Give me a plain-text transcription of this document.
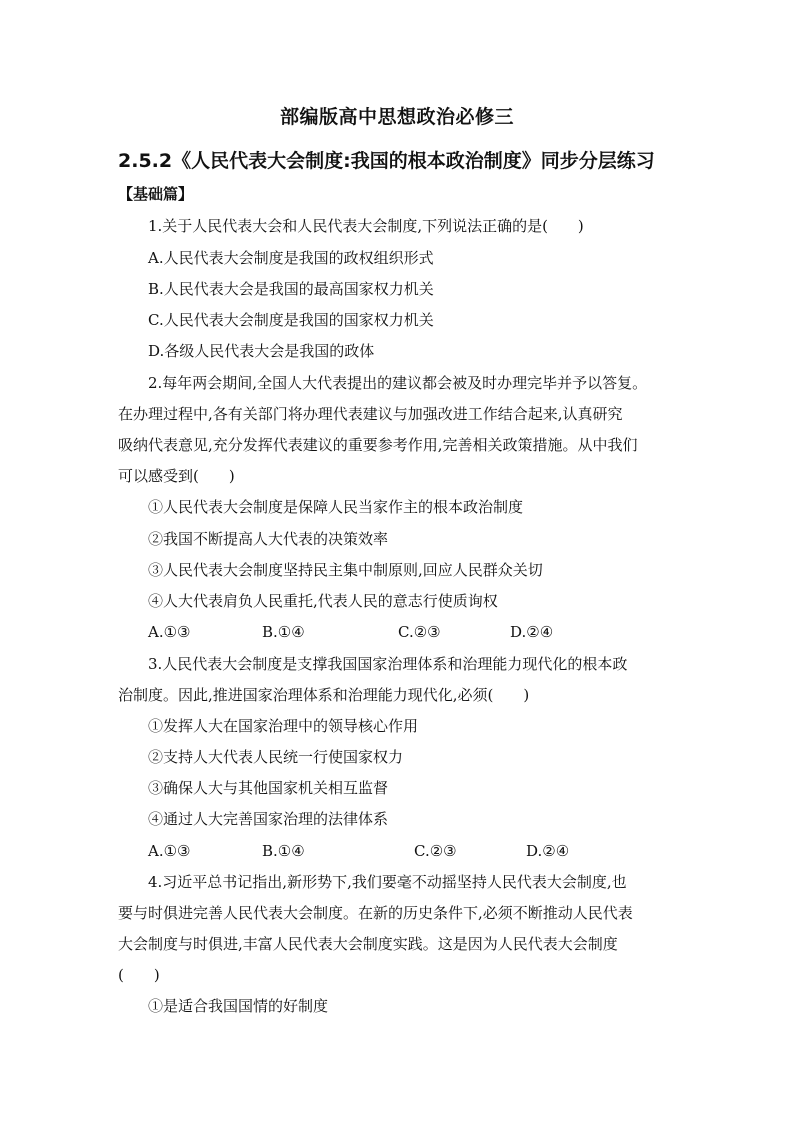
部编版高中思想政治必修三
2.5.2《人民代表大会制度:我国的根本政治制度》同步分层练习
【基础篇】
1.关于人民代表大会和人民代表大会制度,下列说法正确的是(　　)
A.人民代表大会制度是我国的政权组织形式
B.人民代表大会是我国的最高国家权力机关
C.人民代表大会制度是我国的国家权力机关
D.各级人民代表大会是我国的政体
2.每年两会期间,全国人大代表提出的建议都会被及时办理完毕并予以答复。
在办理过程中,各有关部门将办理代表建议与加强改进工作结合起来,认真研究
吸纳代表意见,充分发挥代表建议的重要参考作用,完善相关政策措施。从中我们
可以感受到(　　)
①人民代表大会制度是保障人民当家作主的根本政治制度
②我国不断提高人大代表的决策效率
③人民代表大会制度坚持民主集中制原则,回应人民群众关切
④人大代表肩负人民重托,代表人民的意志行使质询权
A.①③	B.①④	C.②③	D.②④
3.人民代表大会制度是支撑我国国家治理体系和治理能力现代化的根本政
治制度。因此,推进国家治理体系和治理能力现代化,必须(　　)
①发挥人大在国家治理中的领导核心作用
②支持人大代表人民统一行使国家权力
③确保人大与其他国家机关相互监督
④通过人大完善国家治理的法律体系
A.①③	B.①④	C.②③	D.②④
4.习近平总书记指出,新形势下,我们要毫不动摇坚持人民代表大会制度,也
要与时俱进完善人民代表大会制度。在新的历史条件下,必须不断推动人民代表
大会制度与时俱进,丰富人民代表大会制度实践。这是因为人民代表大会制度
(　　)
①是适合我国国情的好制度
